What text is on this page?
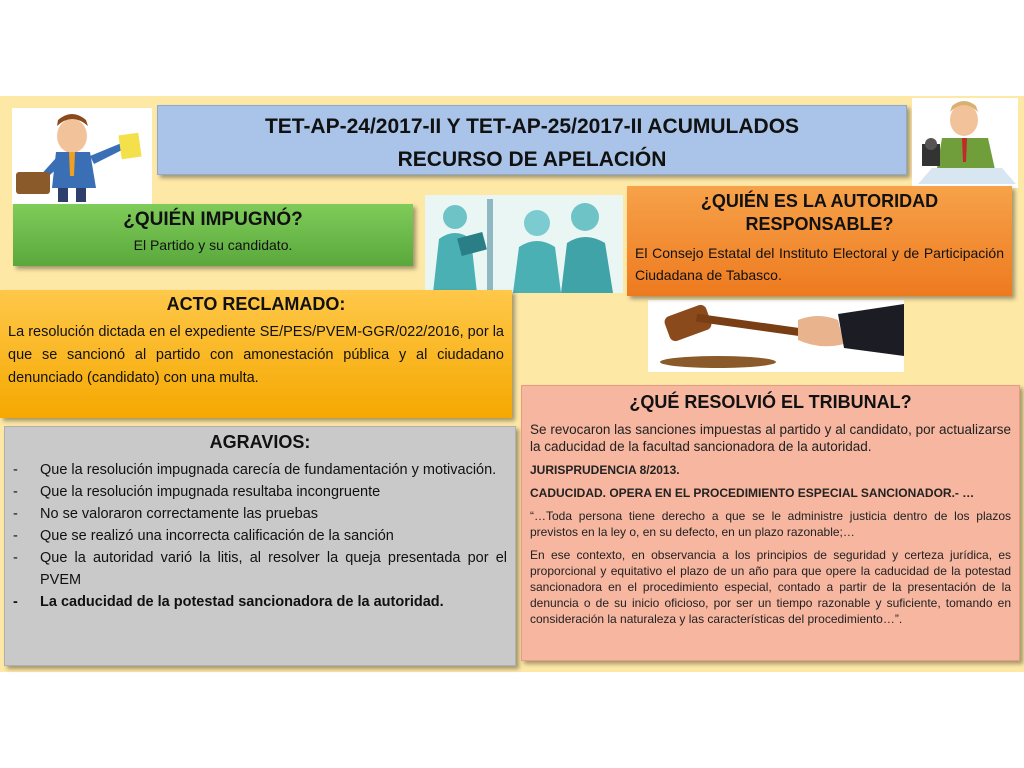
TET-AP-24/2017-II Y TET-AP-25/2017-II ACUMULADOS
RECURSO DE APELACIÓN
¿QUIÉN IMPUGNÓ?

El Partido y su candidato.

¿QUIÉN ES LA AUTORIDAD
RESPONSABLE?

El Consejo Estatal del Instituto Electoral y de Participación Ciudadana de Tabasco.

ACTO RECLAMADO:

La resolución dictada en el expediente SE/PES/PVEM-GGR/022/2016, por la que se sancionó al partido con amonestación pública y al ciudadano denunciado (candidato) con una multa.

AGRAVIOS:
- Que la resolución impugnada carecía de fundamentación y motivación.
- Que la resolución impugnada resultaba incongruente
- No se valoraron correctamente las pruebas
- Que se realizó una incorrecta calificación de la sanción
- Que la autoridad varió la litis, al resolver la queja presentada por el PVEM
- La caducidad de la potestad sancionadora de la autoridad.
¿QUÉ RESOLVIÓ EL TRIBUNAL?

Se revocaron las sanciones impuestas al partido y al candidato, por actualizarse la caducidad de la facultad sancionadora de la autoridad.

JURISPRUDENCIA 8/2013.

CADUCIDAD. OPERA EN EL PROCEDIMIENTO ESPECIAL SANCIONADOR.- …

“…Toda persona tiene derecho a que se le administre justicia dentro de los plazos previstos en la ley o, en su defecto, en un plazo razonable;…

En ese contexto, en observancia a los principios de seguridad y certeza jurídica, es proporcional y equitativo el plazo de un año para que opere la caducidad de la potestad sancionadora en el procedimiento especial, contado a partir de la presentación de la denuncia o de su inicio oficioso, por ser un tiempo razonable y suficiente, tomando en consideración la naturaleza y las características del procedimiento…”.
